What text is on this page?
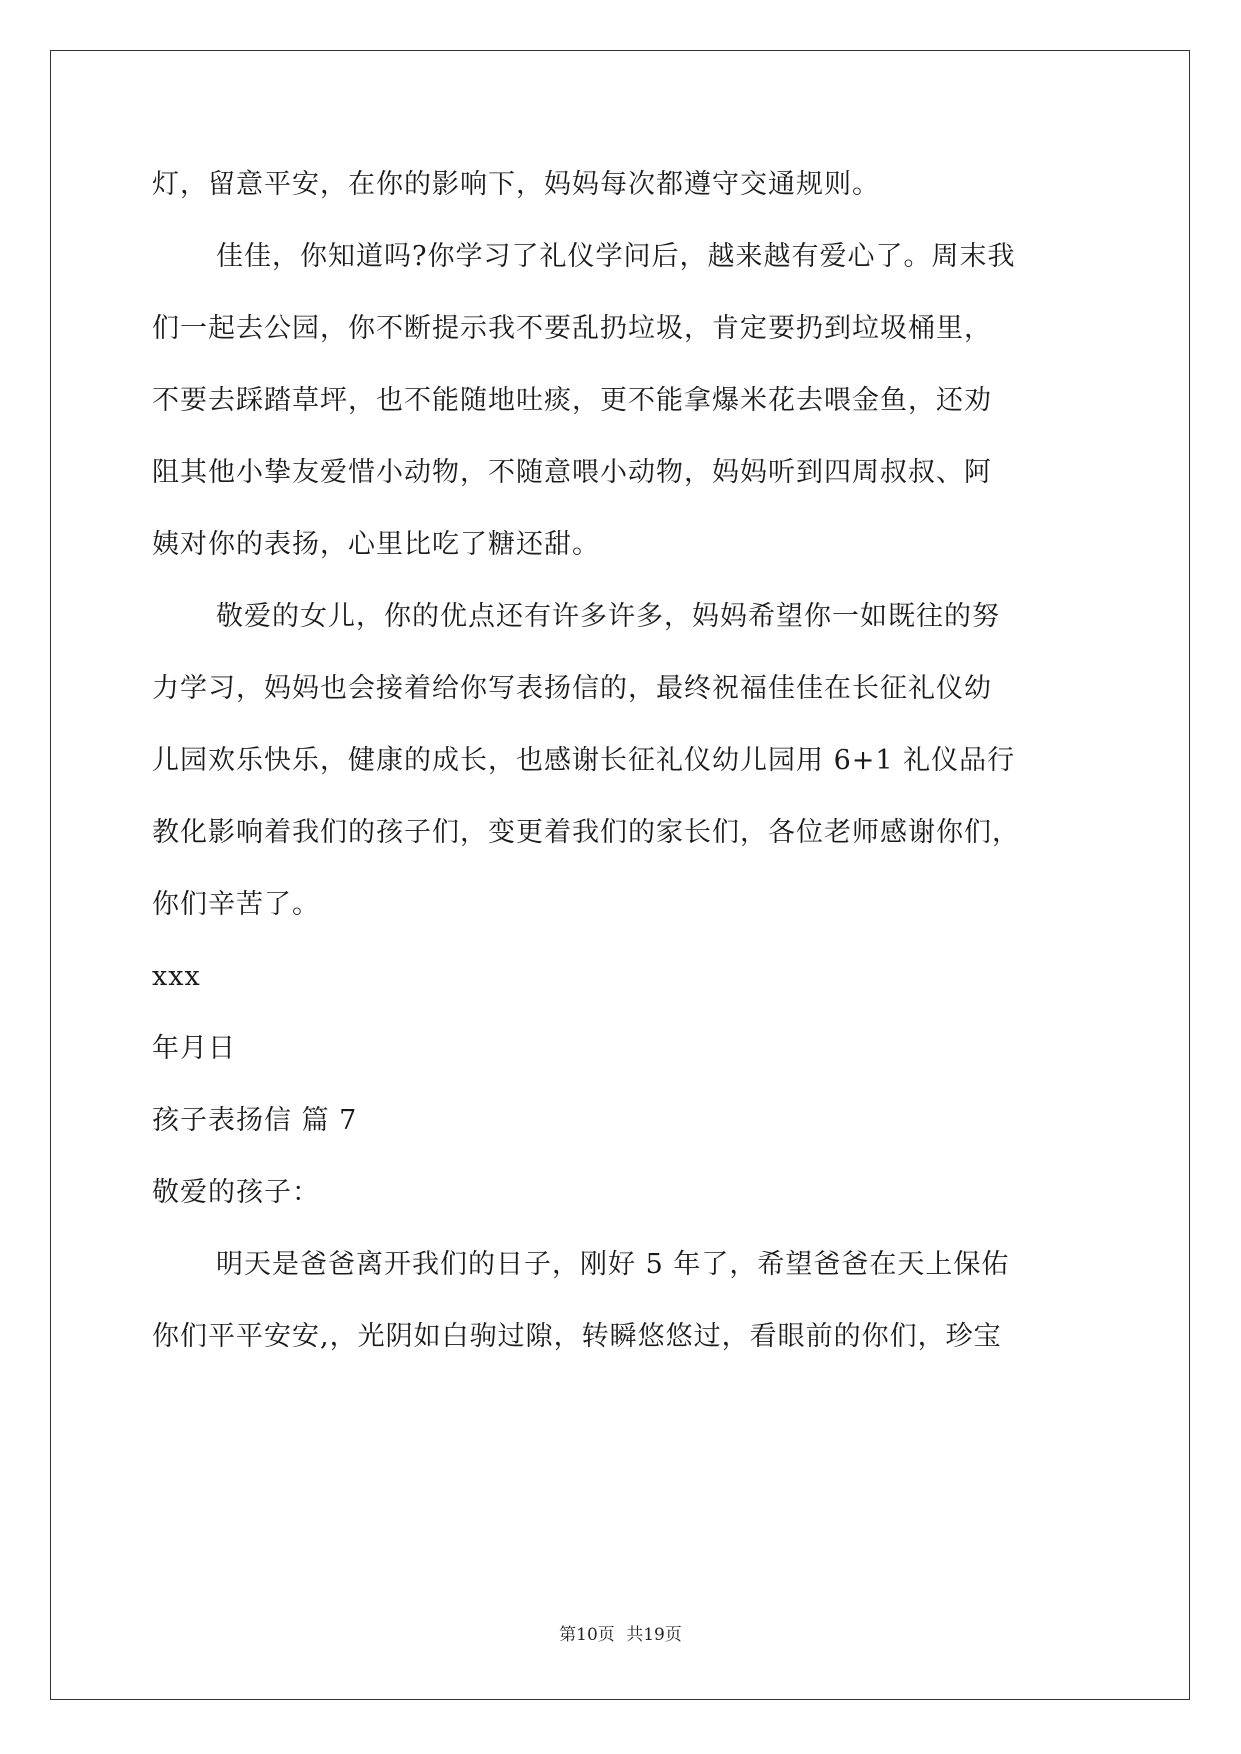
灯，留意平安，在你的影响下，妈妈每次都遵守交通规则。
佳佳，你知道吗?你学习了礼仪学问后，越来越有爱心了。周末我
们一起去公园，你不断提示我不要乱扔垃圾，肯定要扔到垃圾桶里，
不要去踩踏草坪，也不能随地吐痰，更不能拿爆米花去喂金鱼，还劝
阻其他小挚友爱惜小动物，不随意喂小动物，妈妈听到四周叔叔、阿
姨对你的表扬，心里比吃了糖还甜。
敬爱的女儿，你的优点还有许多许多，妈妈希望你一如既往的努
力学习，妈妈也会接着给你写表扬信的，最终祝福佳佳在长征礼仪幼
儿园欢乐快乐，健康的成长，也感谢长征礼仪幼儿园用 6+1 礼仪品行
教化影响着我们的孩子们，变更着我们的家长们，各位老师感谢你们，
你们辛苦了。
xxx
年月日
孩子表扬信 篇 7
敬爱的孩子：
明天是爸爸离开我们的日子，刚好 5 年了，希望爸爸在天上保佑
你们平平安安,，光阴如白驹过隙，转瞬悠悠过，看眼前的你们，珍宝
第10页 共19页
